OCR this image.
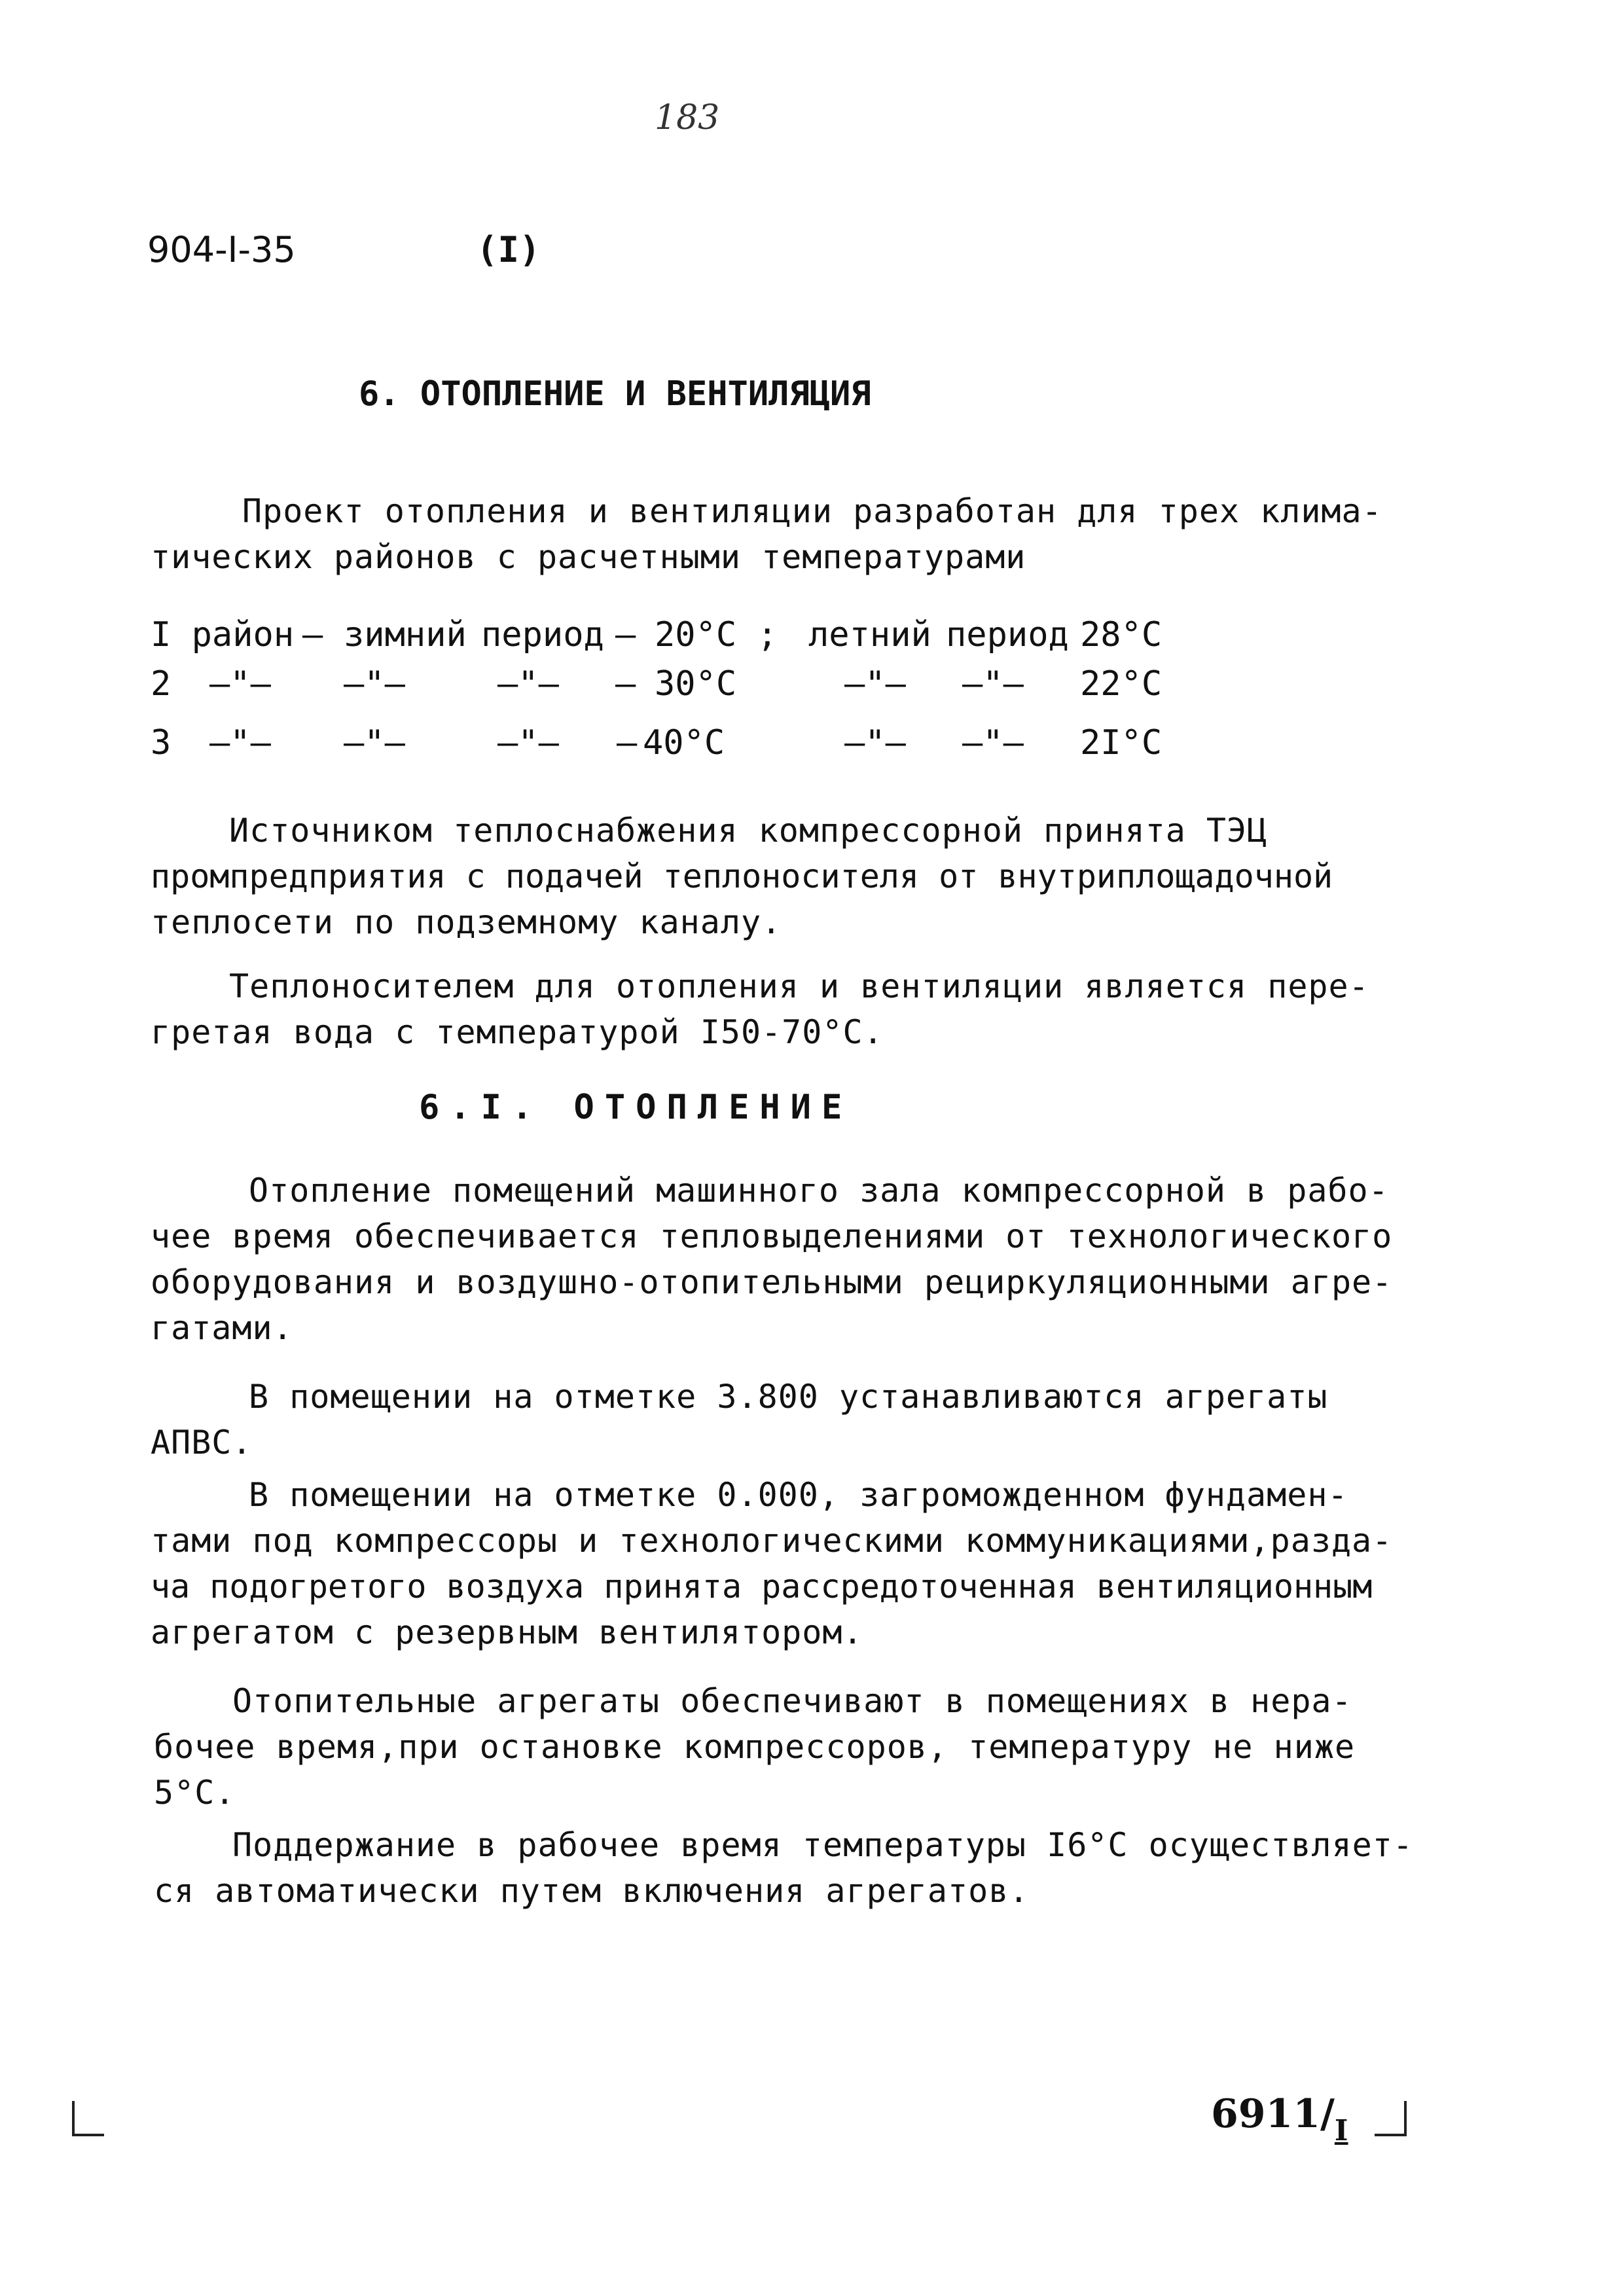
183
904-I-35	(I)
6. ОТОПЛЕНИЕ И ВЕНТИЛЯЦИЯ
Проект отопления и вентиляции разработан для трех клима-
тических районов с расчетными температурами
I район – зимний период – 20°С ; летний период 28°С
2 –"– –"–	–"– – 30°С	–"– –"– 22°С
3 –"– –"–	–"– – 40°С	–"– –"– 2I°С
Источником теплоснабжения компрессорной принята ТЭЦ
промпредприятия с подачей теплоносителя от внутриплощадочной
теплосети по подземному каналу.
Теплоносителем для отопления и вентиляции является пере-
гретая вода с температурой I50-70°С.
6.I. ОТОПЛЕНИЕ
Отопление помещений машинного зала компрессорной в рабо-
чее время обеспечивается тепловыделениями от технологического
оборудования и воздушно-отопительными рециркуляционными агре-
гатами.
В помещении на отметке 3.800 устанавливаются агрегаты
АПВС.
В помещении на отметке 0.000, загроможденном фундамен-
тами под компрессоры и технологическими коммуникациями,разда-
ча подогретого воздуха принята рассредоточенная вентиляционным
агрегатом с резервным вентилятором.
Отопительные агрегаты обеспечивают в помещениях в нера-
бочее время,при остановке компрессоров, температуру не ниже
5°С.
Поддержание в рабочее время температуры I6°С осуществляет-
ся автоматически путем включения агрегатов.
$6911/_I$
